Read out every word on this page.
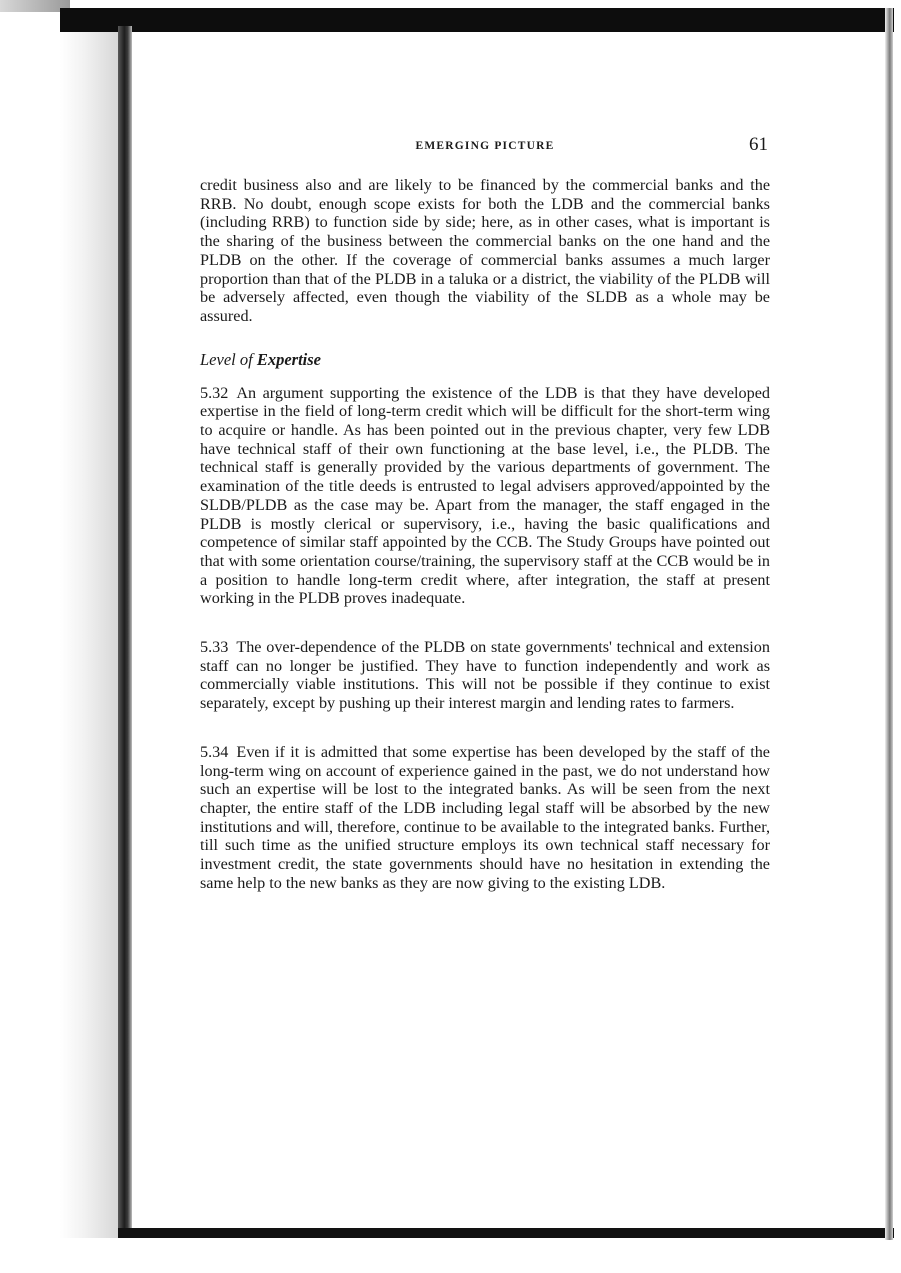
EMERGING PICTURE	61

credit business also and are likely to be financed by the commercial banks and the RRB. No doubt, enough scope exists for both the LDB and the commercial banks (including RRB) to function side by side; here, as in other cases, what is important is the sharing of the business between the commercial banks on the one hand and the PLDB on the other. If the coverage of commercial banks assumes a much larger proportion than that of the PLDB in a taluka or a district, the viability of the PLDB will be adversely affected, even though the viability of the SLDB as a whole may be assured.

Level of Expertise

5.32 An argument supporting the existence of the LDB is that they have developed expertise in the field of long-term credit which will be difficult for the short-term wing to acquire or handle. As has been pointed out in the previous chapter, very few LDB have technical staff of their own functioning at the base level, i.e., the PLDB. The technical staff is generally provided by the various departments of government. The examination of the title deeds is entrusted to legal advisers approved/appointed by the SLDB/PLDB as the case may be. Apart from the manager, the staff engaged in the PLDB is mostly clerical or supervisory, i.e., having the basic qualifications and competence of similar staff appointed by the CCB. The Study Groups have pointed out that with some orientation course/training, the supervisory staff at the CCB would be in a position to handle long-term credit where, after integration, the staff at present working in the PLDB proves inadequate.

5.33 The over-dependence of the PLDB on state governments' technical and extension staff can no longer be justified. They have to function independently and work as commercially viable institutions. This will not be possible if they continue to exist separately, except by pushing up their interest margin and lending rates to farmers.

5.34 Even if it is admitted that some expertise has been developed by the staff of the long-term wing on account of experience gained in the past, we do not understand how such an expertise will be lost to the integrated banks. As will be seen from the next chapter, the entire staff of the LDB including legal staff will be absorbed by the new institutions and will, therefore, continue to be available to the integrated banks. Further, till such time as the unified structure employs its own technical staff necessary for investment credit, the state governments should have no hesitation in extending the same help to the new banks as they are now giving to the existing LDB.
